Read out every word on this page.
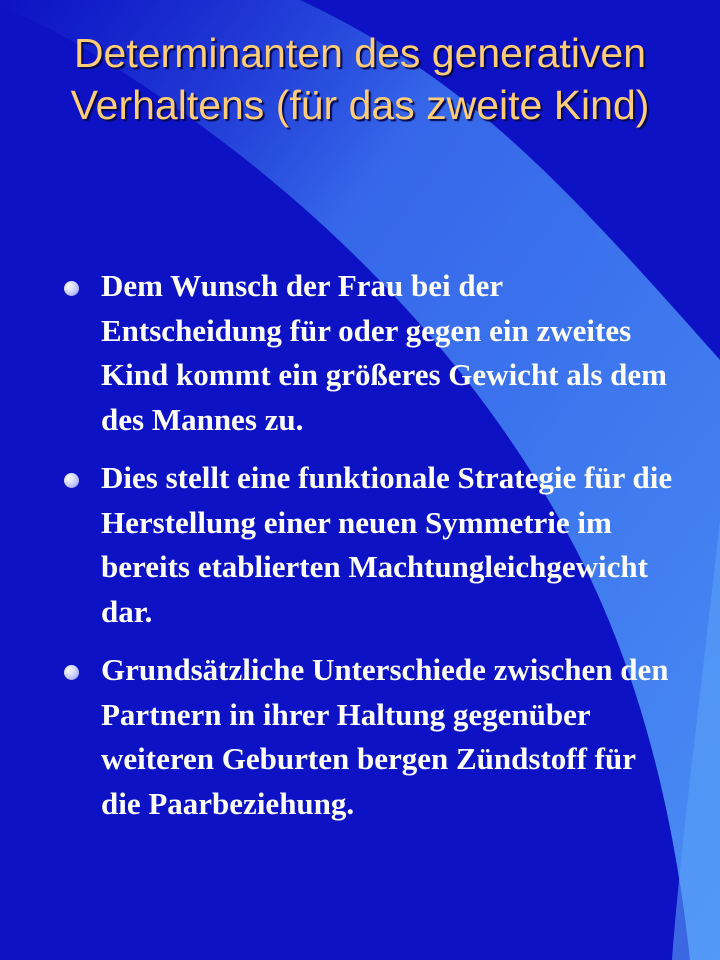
Determinanten des generativen Verhaltens (für das zweite Kind)
Dem Wunsch der Frau bei der Entscheidung für oder gegen ein zweites Kind kommt ein größeres Gewicht als dem des Mannes zu.
Dies stellt eine funktionale Strategie für die Herstellung einer neuen Symmetrie im bereits etablierten Machtungleichgewicht dar.
Grundsätzliche Unterschiede zwischen den Partnern in ihrer Haltung gegenüber weiteren Geburten bergen Zündstoff für die Paarbeziehung.
